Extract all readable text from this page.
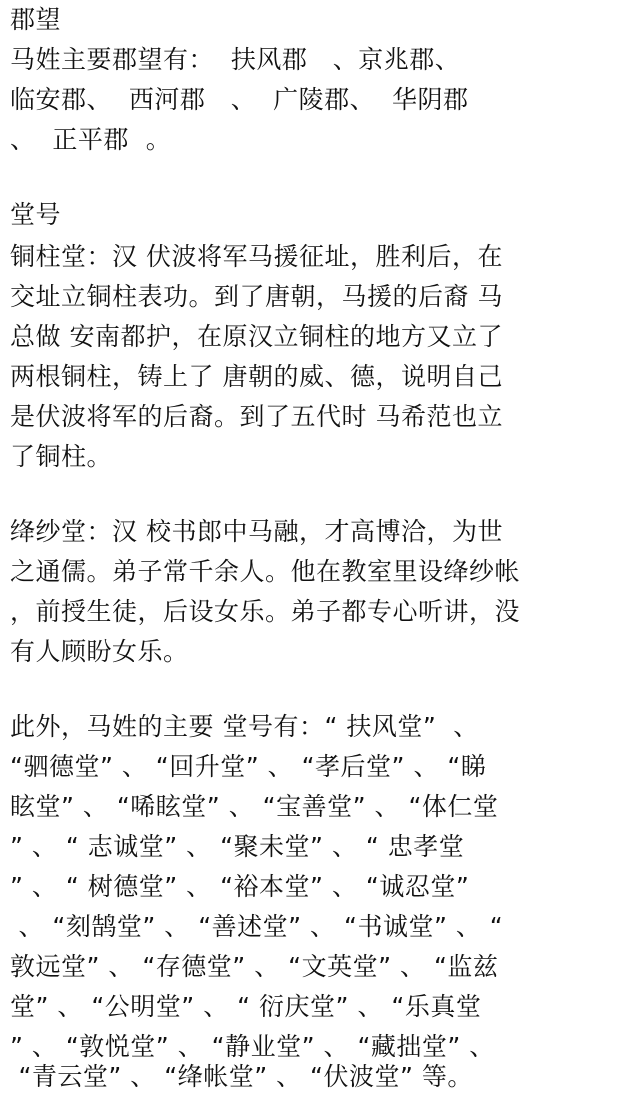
郡望
马姓主要郡望有：  扶风郡   、京兆郡、
临安郡、  西河郡   、  广陵郡、  华阴郡
、  正平郡  。
堂号
铜柱堂：汉 伏波将军马援征址，胜利后，在
交址立铜柱表功。到了唐朝，马援的后裔 马
总做 安南都护，在原汉立铜柱的地方又立了
两根铜柱，铸上了 唐朝的威、德，说明自己
是伏波将军的后裔。到了五代时 马希范也立
了铜柱。
绛纱堂：汉 校书郎中马融，才高博洽，为世
之通儒。弟子常千余人。他在教室里设绛纱帐
，前授生徒，后设女乐。弟子都专心听讲，没
有人顾盼女乐。
此外，马姓的主要 堂号有：“ 扶风堂”  、
“驷德堂” 、 “回升堂” 、 “孝后堂” 、 “睇
眩堂” 、 “唏眩堂” 、 “宝善堂” 、 “体仁堂
” 、 “ 志诚堂” 、 “聚未堂” 、 “ 忠孝堂
” 、 “ 树德堂” 、 “裕本堂” 、 “诚忍堂”
、 “刻鹄堂” 、 “善述堂” 、 “书诚堂” 、 “
敦远堂” 、 “存德堂” 、 “文英堂” 、 “监兹
堂” 、 “公明堂” 、 “ 衍庆堂” 、 “乐真堂
” 、 “敦悦堂” 、 “静业堂” 、 “藏拙堂” 、
“青云堂” 、 “绛帐堂” 、 “伏波堂” 等。
